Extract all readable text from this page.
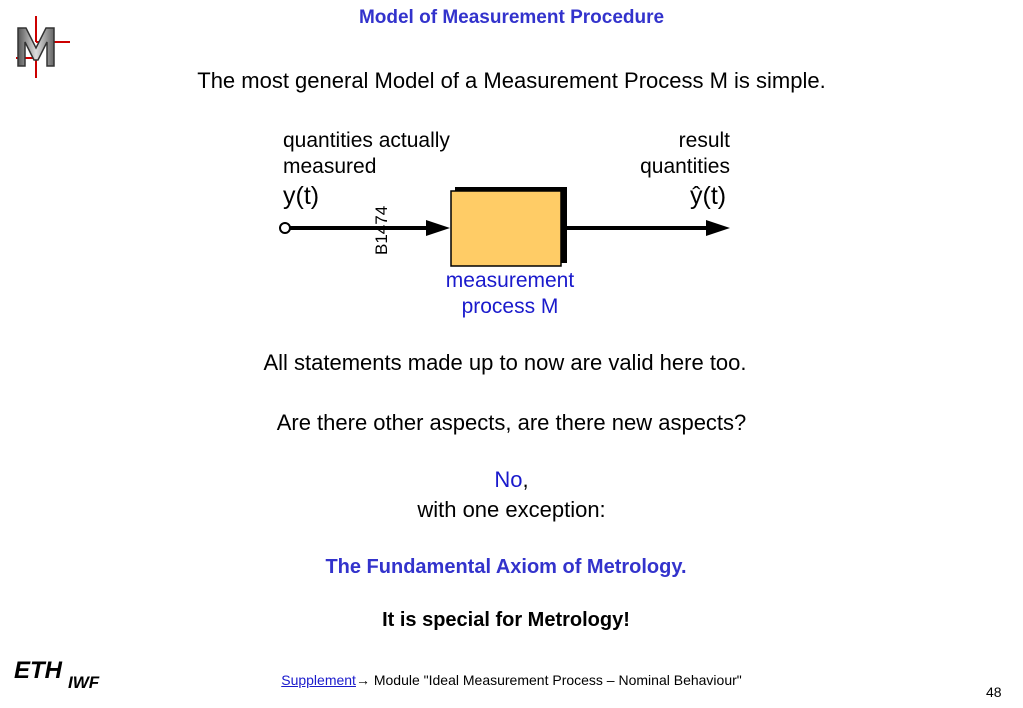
Model of Measurement Procedure
The most general Model of a Measurement Process M is simple.
quantities actually
measured
result
quantities
y(t)	ŷ(t)
B1474
measurement
process M
All statements made up to now are valid here too.
Are there other aspects, are there new aspects?
No,
with one exception:
The Fundamental Axiom of Metrology.
It is special for Metrology!
ETH IWF	Supplement→ Module "Ideal Measurement Process – Nominal Behaviour"
48
